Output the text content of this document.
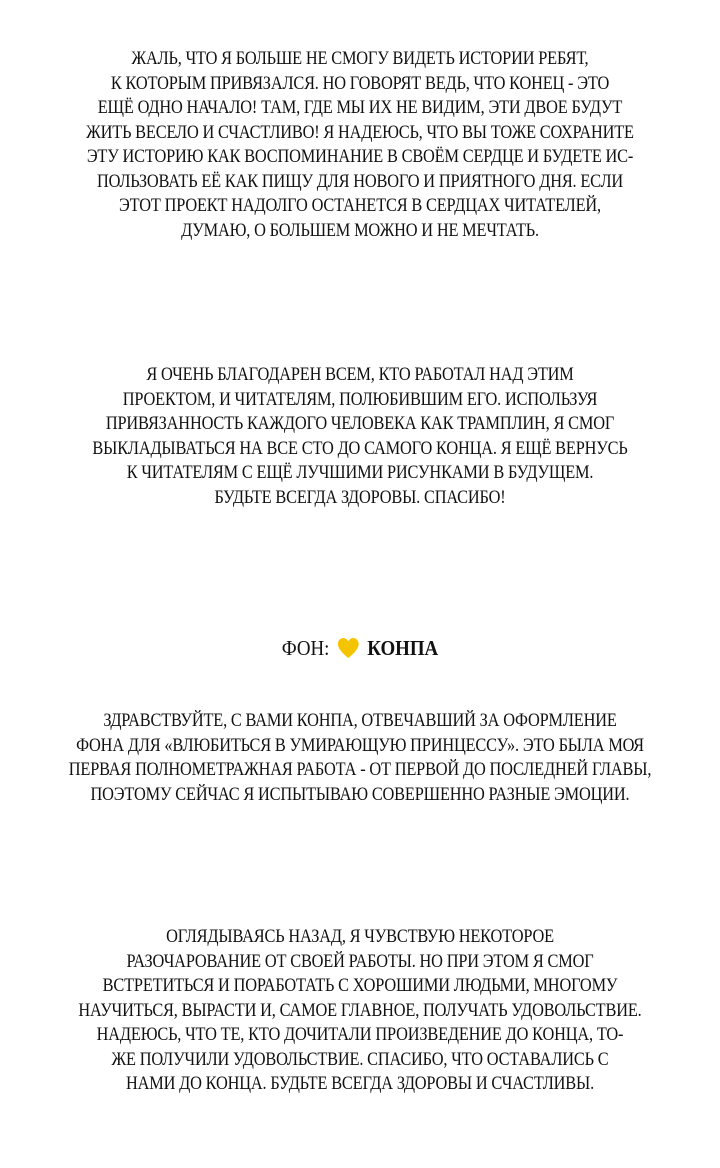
ЖАЛЬ, ЧТО Я БОЛЬШЕ НЕ СМОГУ ВИДЕТЬ ИСТОРИИ РЕБЯТ,
К КОТОРЫМ ПРИВЯЗАЛСЯ. НО ГОВОРЯТ ВЕДЬ, ЧТО КОНЕЦ - ЭТО
ЕЩЁ ОДНО НАЧАЛО! ТАМ, ГДЕ МЫ ИХ НЕ ВИДИМ, ЭТИ ДВОЕ БУДУТ
ЖИТЬ ВЕСЕЛО И СЧАСТЛИВО! Я НАДЕЮСЬ, ЧТО ВЫ ТОЖЕ СОХРАНИТЕ
ЭТУ ИСТОРИЮ КАК ВОСПОМИНАНИЕ В СВОЁМ СЕРДЦЕ И БУДЕТЕ ИС-
ПОЛЬЗОВАТЬ ЕЁ КАК ПИЩУ ДЛЯ НОВОГО И ПРИЯТНОГО ДНЯ. ЕСЛИ
ЭТОТ ПРОЕКТ НАДОЛГО ОСТАНЕТСЯ В СЕРДЦАХ ЧИТАТЕЛЕЙ,
ДУМАЮ, О БОЛЬШЕМ МОЖНО И НЕ МЕЧТАТЬ.
Я ОЧЕНЬ БЛАГОДАРЕН ВСЕМ, КТО РАБОТАЛ НАД ЭТИМ
ПРОЕКТОМ, И ЧИТАТЕЛЯМ, ПОЛЮБИВШИМ ЕГО. ИСПОЛЬЗУЯ
ПРИВЯЗАННОСТЬ КАЖДОГО ЧЕЛОВЕКА КАК ТРАМПЛИН, Я СМОГ
ВЫКЛАДЫВАТЬСЯ НА ВСЕ СТО ДО САМОГО КОНЦА. Я ЕЩЁ ВЕРНУСЬ
К ЧИТАТЕЛЯМ С ЕЩЁ ЛУЧШИМИ РИСУНКАМИ В БУДУЩЕМ.
БУДЬТЕ ВСЕГДА ЗДОРОВЫ. СПАСИБО!
ФОН: КОНПА
ЗДРАВСТВУЙТЕ, С ВАМИ КОНПА, ОТВЕЧАВШИЙ ЗА ОФОРМЛЕНИЕ
ФОНА ДЛЯ «ВЛЮБИТЬСЯ В УМИРАЮЩУЮ ПРИНЦЕССУ». ЭТО БЫЛА МОЯ
ПЕРВАЯ ПОЛНОМЕТРАЖНАЯ РАБОТА - ОТ ПЕРВОЙ ДО ПОСЛЕДНЕЙ ГЛАВЫ,
ПОЭТОМУ СЕЙЧАС Я ИСПЫТЫВАЮ СОВЕРШЕННО РАЗНЫЕ ЭМОЦИИ.
ОГЛЯДЫВАЯСЬ НАЗАД, Я ЧУВСТВУЮ НЕКОТОРОЕ
РАЗОЧАРОВАНИЕ ОТ СВОЕЙ РАБОТЫ. НО ПРИ ЭТОМ Я СМОГ
ВСТРЕТИТЬСЯ И ПОРАБОТАТЬ С ХОРОШИМИ ЛЮДЬМИ, МНОГОМУ
НАУЧИТЬСЯ, ВЫРАСТИ И, САМОЕ ГЛАВНОЕ, ПОЛУЧАТЬ УДОВОЛЬСТВИЕ.
НАДЕЮСЬ, ЧТО ТЕ, КТО ДОЧИТАЛИ ПРОИЗВЕДЕНИЕ ДО КОНЦА, ТО-
ЖЕ ПОЛУЧИЛИ УДОВОЛЬСТВИЕ. СПАСИБО, ЧТО ОСТАВАЛИСЬ С
НАМИ ДО КОНЦА. БУДЬТЕ ВСЕГДА ЗДОРОВЫ И СЧАСТЛИВЫ.
